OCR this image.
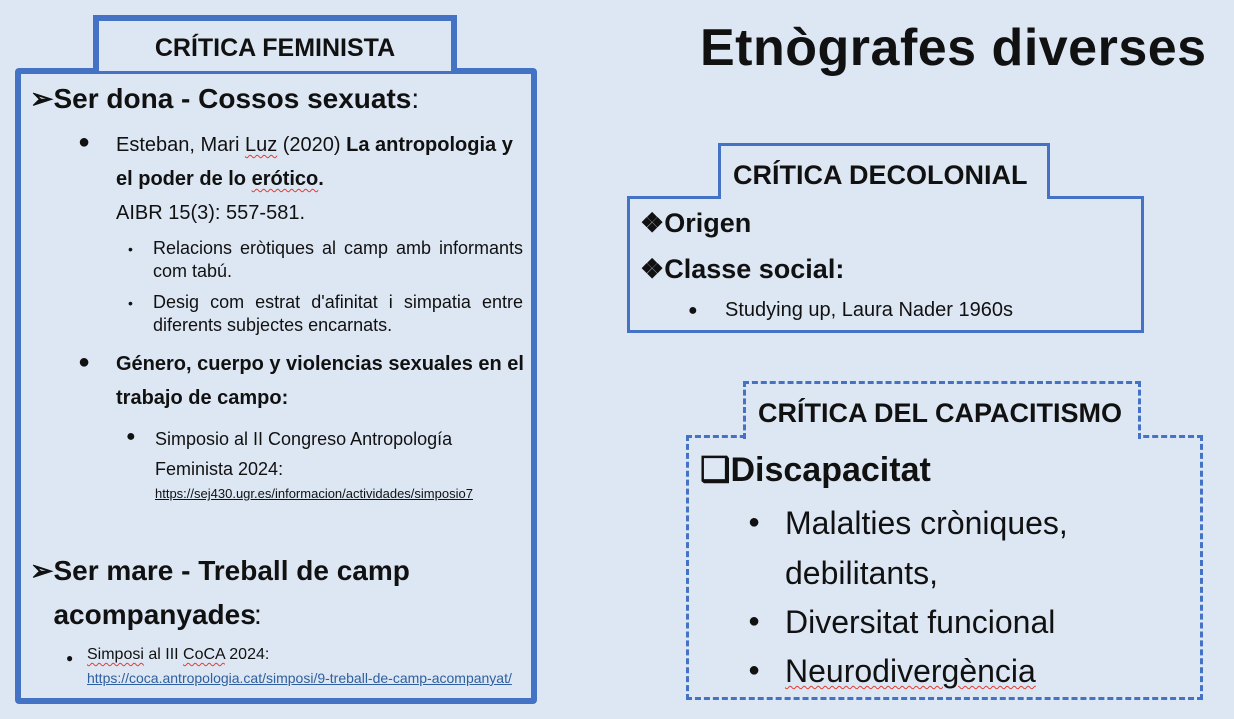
Etnògrafes diverses
CRÍTICA FEMINISTA
➢Ser dona - Cossos sexuats:
●	Esteban, Mari Luz (2020) La antropologia y el poder de lo erótico.
AIBR 15(3): 557-581.
• Relacions eròtiques al camp amb informants com tabú.
• Desig com estrat d'afinitat i simpatia entre diferents subjectes encarnats.
● Género, cuerpo y violencias sexuales en el trabajo de campo:
● Simposio al II Congreso Antropología Feminista 2024:
https://sej430.ugr.es/informacion/actividades/simposio7
➢Ser mare - Treball de camp acompanyades
:
● Simposi al III CoCA 2024:
https://coca.antropologia.cat/simposi/9-treball-de-camp-acompanyat/
CRÍTICA DECOLONIAL
❖Origen
❖Classe social:
● Studying up, Laura Nader 1960s
CRÍTICA DEL CAPACITISMO
❑Discapacitat
● Malalties cròniques,
debilitants,
● Diversitat funcional
● Neurodivergència
